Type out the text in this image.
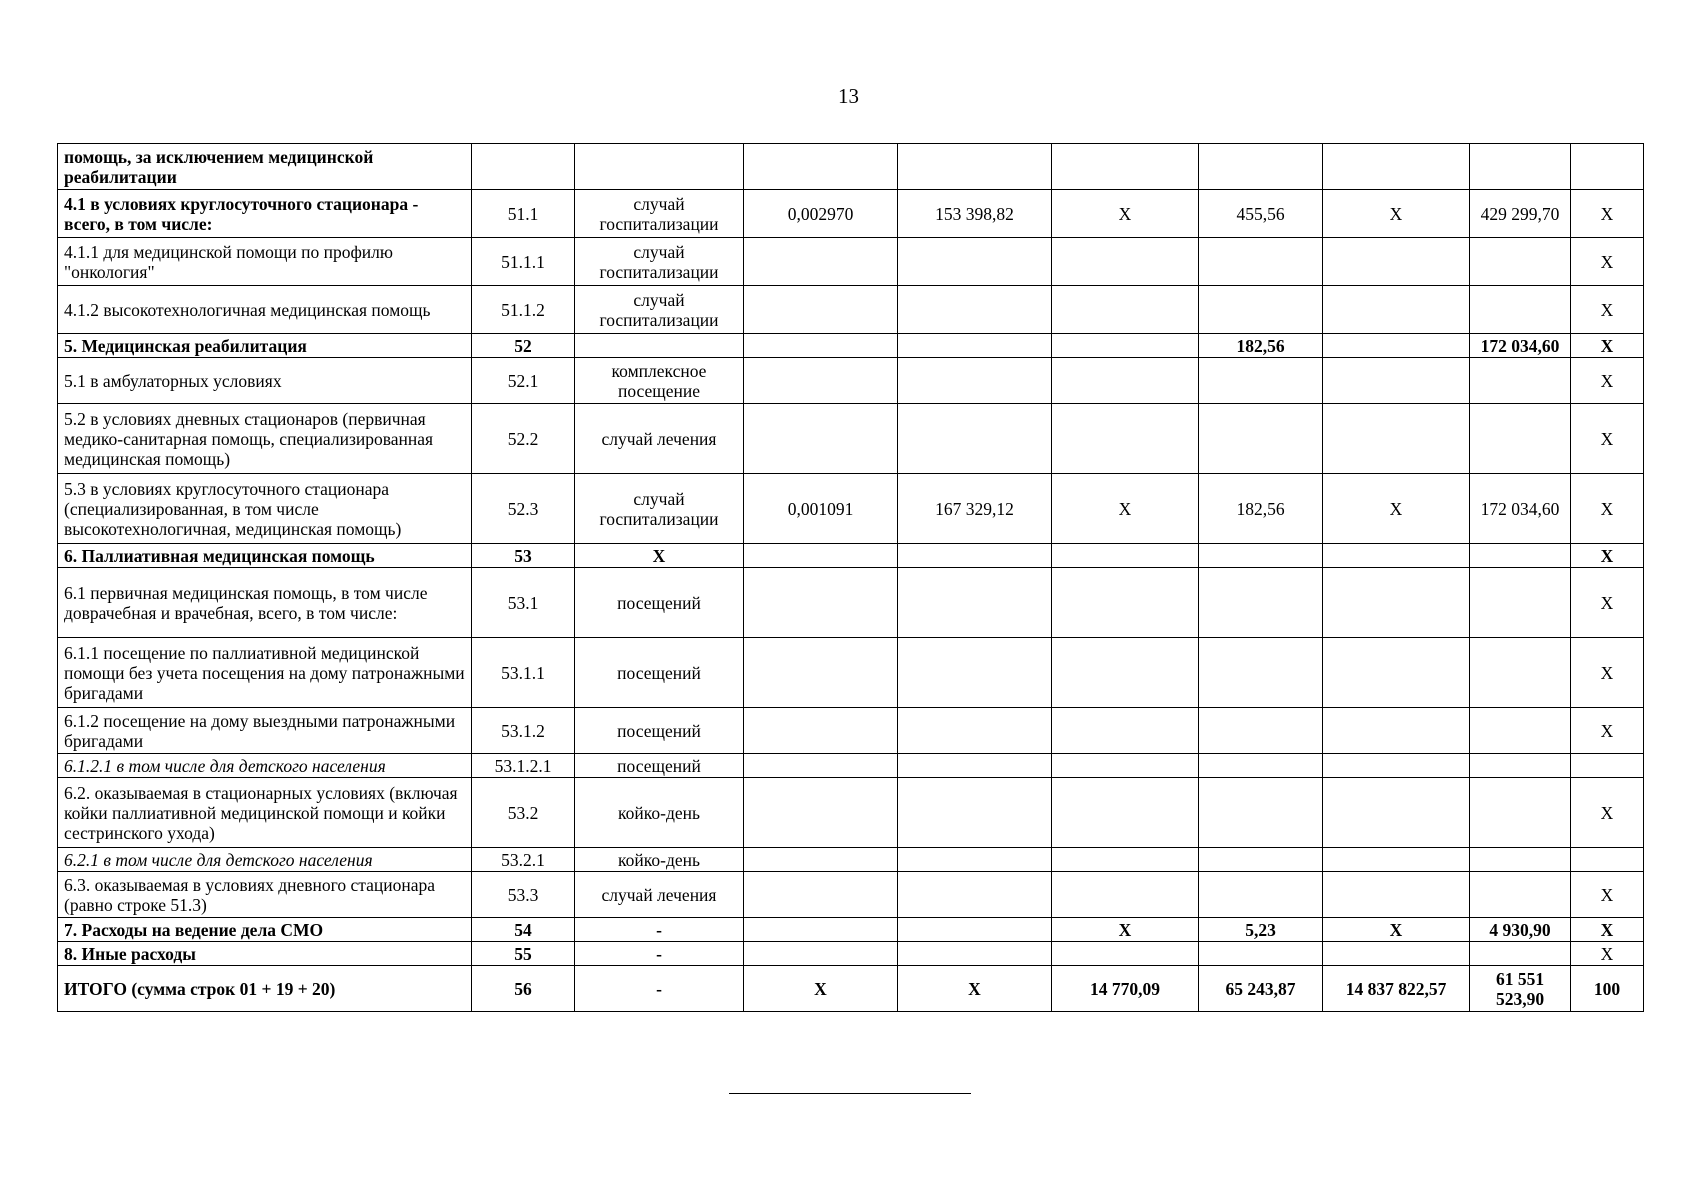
13
помощь, за исключением медицинской реабилитации									
4.1 в условиях круглосуточного стационара - всего, в том числе:	51.1	случай госпитализации	0,002970	153 398,82	X	455,56	X	429 299,70	X
4.1.1 для медицинской помощи по профилю "онкология"	51.1.1	случай госпитализации							X
4.1.2 высокотехнологичная медицинская помощь	51.1.2	случай госпитализации							X
5. Медицинская реабилитация	52					182,56		172 034,60	X
5.1 в амбулаторных условиях	52.1	комплексное посещение							X
5.2 в условиях дневных стационаров (первичная медико-санитарная помощь, специализированная медицинская помощь)	52.2	случай лечения							X
5.3 в условиях круглосуточного стационара (специализированная, в том числе высокотехнологичная, медицинская помощь)	52.3	случай госпитализации	0,001091	167 329,12	X	182,56	X	172 034,60	X
6. Паллиативная медицинская помощь	53	X							X
6.1 первичная медицинская помощь, в том числе доврачебная и врачебная, всего, в том числе:	53.1	посещений							X
6.1.1 посещение по паллиативной медицинской помощи без учета посещения на дому патронажными бригадами	53.1.1	посещений							X
6.1.2 посещение на дому выездными патронажными бригадами	53.1.2	посещений							X
6.1.2.1 в том числе для детского населения	53.1.2.1	посещений							
6.2. оказываемая в стационарных условиях (включая койки паллиативной медицинской помощи и койки сестринского ухода)	53.2	койко-день							X
6.2.1 в том числе для детского населения	53.2.1	койко-день							
6.3. оказываемая в условиях дневного стационара (равно строке 51.3)	53.3	случай лечения							X
7. Расходы на ведение дела СМО	54	-			X	5,23	X	4 930,90	X
8. Иные расходы	55	-							X
ИТОГО (сумма строк 01 + 19 + 20)	56	-	X	X	14 770,09	65 243,87	14 837 822,57	61 551 523,90	100
